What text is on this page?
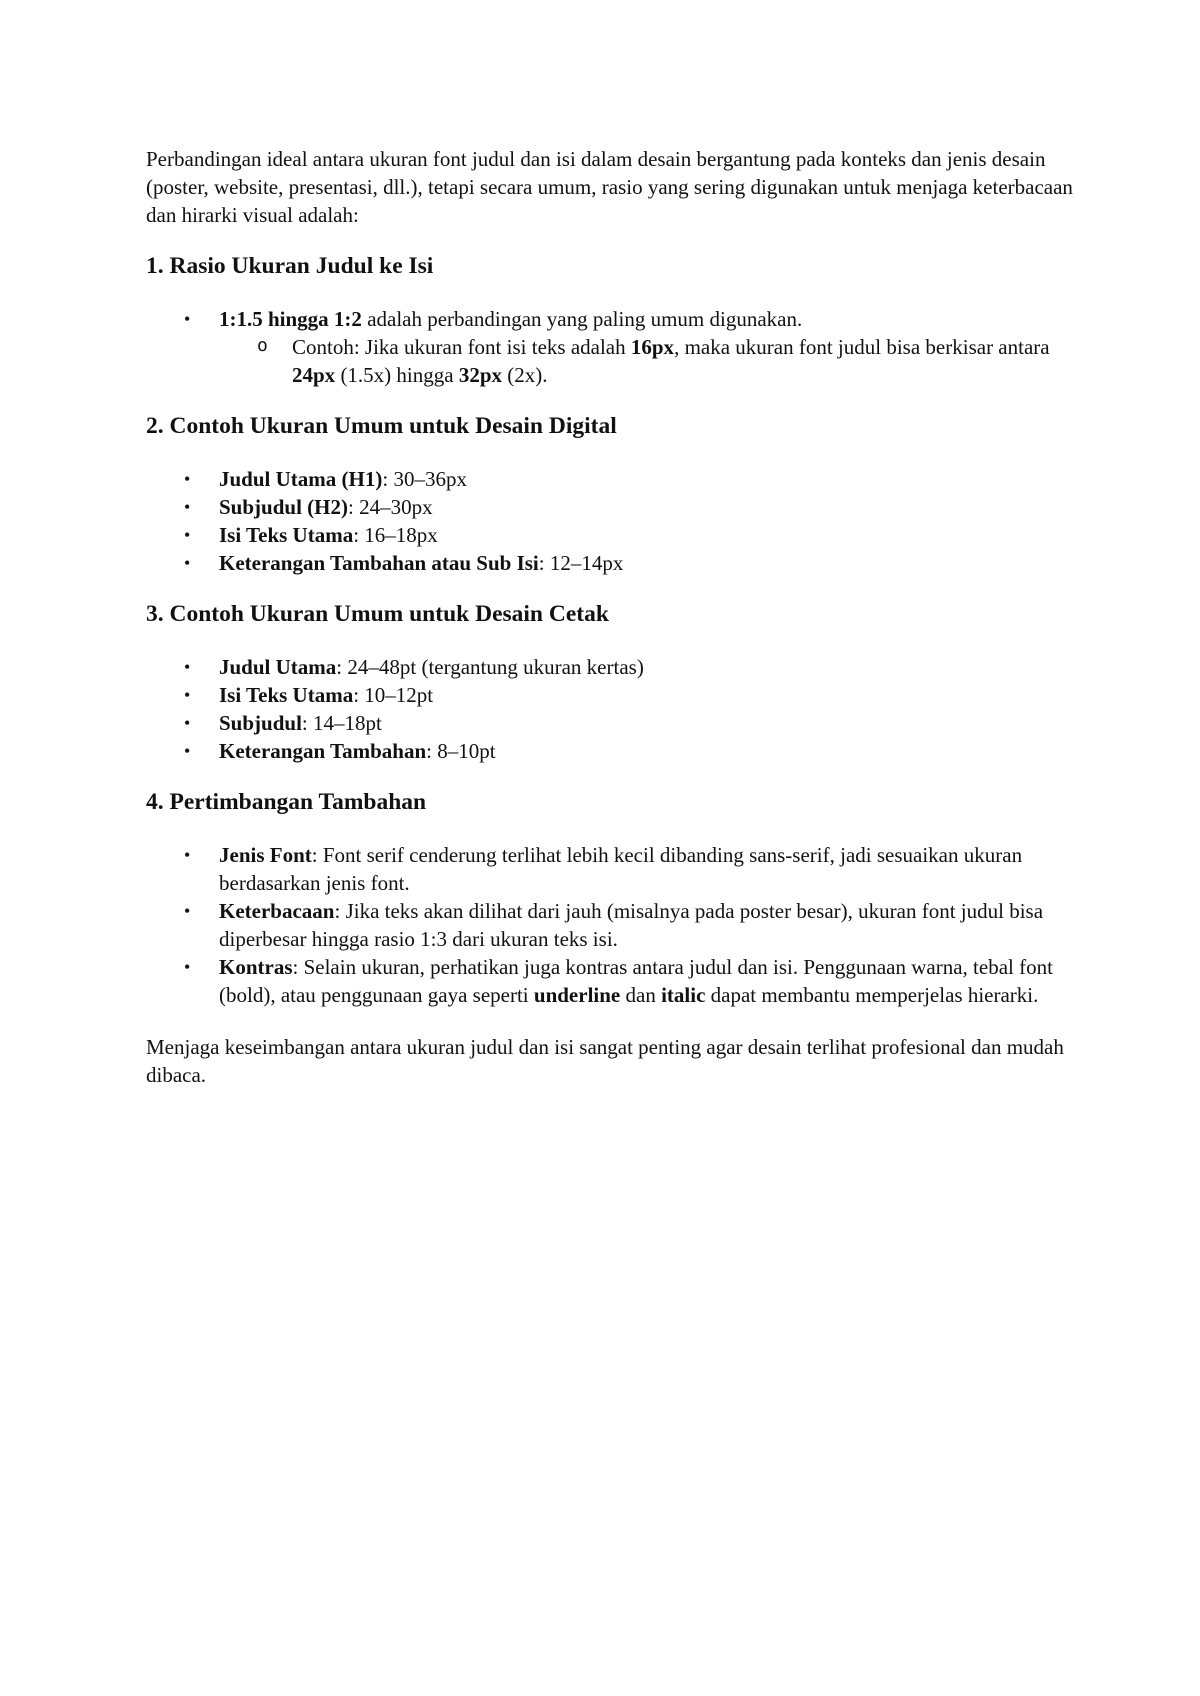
Perbandingan ideal antara ukuran font judul dan isi dalam desain bergantung pada konteks dan jenis desain (poster, website, presentasi, dll.), tetapi secara umum, rasio yang sering digunakan untuk menjaga keterbacaan dan hirarki visual adalah:

1. Rasio Ukuran Judul ke Isi
•	1:1.5 hingga 1:2 adalah perbandingan yang paling umum digunakan.
o Contoh: Jika ukuran font isi teks adalah 16px, maka ukuran font judul bisa berkisar antara 24px (1.5x) hingga 32px (2x).
2. Contoh Ukuran Umum untuk Desain Digital
•	Judul Utama (H1): 30–36px
•	Subjudul (H2): 24–30px
•	Isi Teks Utama: 16–18px
•	Keterangan Tambahan atau Sub Isi: 12–14px
3. Contoh Ukuran Umum untuk Desain Cetak
•	Judul Utama: 24–48pt (tergantung ukuran kertas)
•	Isi Teks Utama: 10–12pt
•	Subjudul: 14–18pt
•	Keterangan Tambahan: 8–10pt
4. Pertimbangan Tambahan
•	Jenis Font: Font serif cenderung terlihat lebih kecil dibanding sans-serif, jadi sesuaikan ukuran berdasarkan jenis font.
•	Keterbacaan: Jika teks akan dilihat dari jauh (misalnya pada poster besar), ukuran font judul bisa diperbesar hingga rasio 1:3 dari ukuran teks isi.
•	Kontras: Selain ukuran, perhatikan juga kontras antara judul dan isi. Penggunaan warna, tebal font (bold), atau penggunaan gaya seperti underline dan italic dapat membantu memperjelas hierarki.

Menjaga keseimbangan antara ukuran judul dan isi sangat penting agar desain terlihat profesional dan mudah dibaca.
